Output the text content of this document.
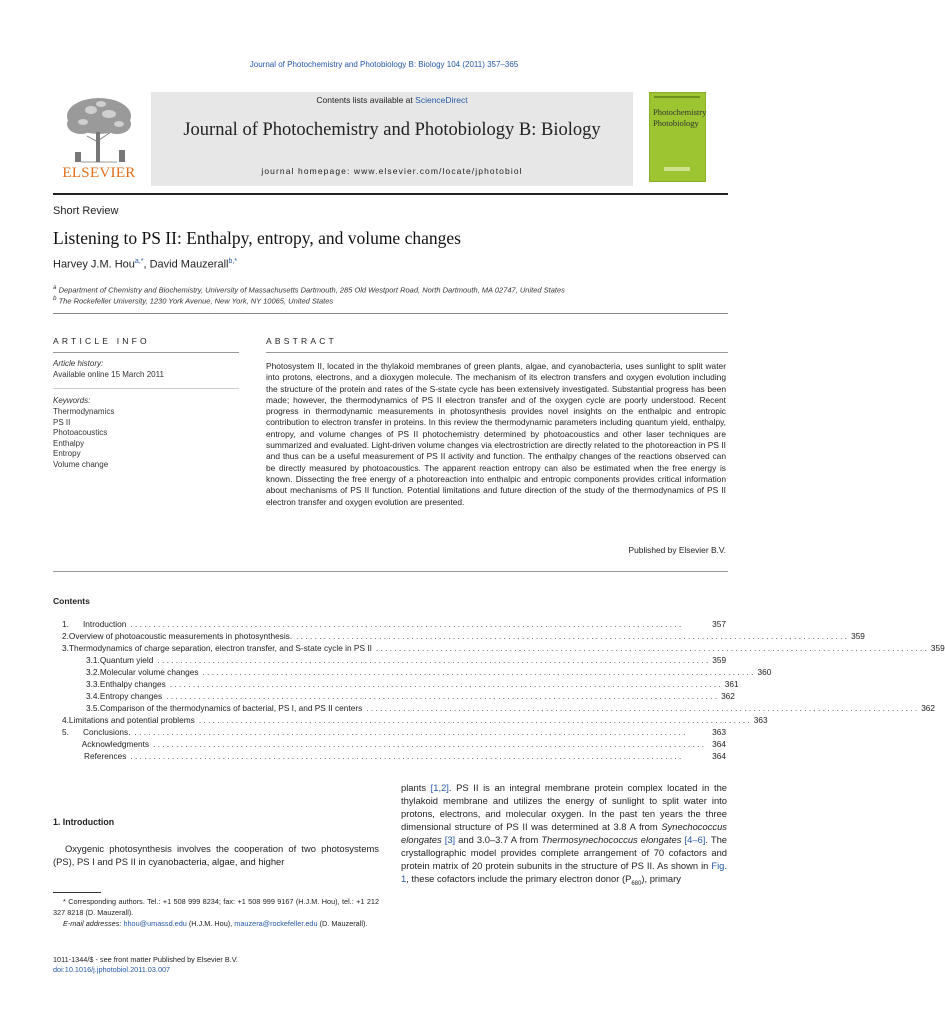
Journal of Photochemistry and Photobiology B: Biology 104 (2011) 357–365
ELSEVIER
Contents lists available at ScienceDirect
Journal of Photochemistry and Photobiology B: Biology
journal homepage: www.elsevier.com/locate/jphotobiol
Photochemistry Photobiology
Short Review
Listening to PS II: Enthalpy, entropy, and volume changes
Harvey J.M. Hou$^{a,*}$, David Mauzerall$^{b,*}$
$^a$ Department of Chemistry and Biochemistry, University of Massachusetts Dartmouth, 285 Old Westport Road, North Dartmouth, MA 02747, United States
$^b$ The Rockefeller University, 1230 York Avenue, New York, NY 10065, United States
ARTICLE INFO	ABSTRACT
Article history:
Available online 15 March 2011
Keywords:
Thermodynamics
PS II
Photoacoustics
Enthalpy
Entropy
Volume change
Photosystem II, located in the thylakoid membranes of green plants, algae, and cyanobacteria, uses sunlight to split water into protons, electrons, and a dioxygen molecule. The mechanism of its electron transfers and oxygen evolution including the structure of the protein and rates of the S-state cycle has been extensively investigated. Substantial progress has been made; however, the thermodynamics of PS II electron transfer and of the oxygen cycle are poorly understood. Recent progress in thermodynamic measurements in photosynthesis provides novel insights on the enthalpic and entropic contribution to electron transfer in proteins. In this review the thermodynamic parameters including quantum yield, enthalpy, entropy, and volume changes of PS II photochemistry determined by photoacoustics and other laser techniques are summarized and evaluated. Light-driven volume changes via electrostriction are directly related to the photoreaction in PS II and thus can be a useful measurement of PS II activity and function. The enthalpy changes of the reactions observed can be directly measured by photoacoustics. The apparent reaction entropy can also be estimated when the free energy is known. Dissecting the free energy of a photoreaction into enthalpic and entropic components provides critical information about mechanisms of PS II function. Potential limitations and future direction of the study of the thermodynamics of PS II electron transfer and oxygen evolution are presented.
Published by Elsevier B.V.
Contents
1.	Introduction . . . . . . . . . . . . . . . . . . . . . . . . . . . . . . . . . . . . . . . . . . . . . . . . . . . . . . . . . . . . . . . . . . . . . . . . . . . . . . . . . . . . . . . . . . . . . . . . . . . . . . . . . . . . . . . . . . . . . . . .	357
2. Overview of photoacoustic measurements in photosynthesis. . . . . . . . . . . . . . . . . . . . . . . . . . . . . . . . . . . . . . . . . . . . . . . . . . . . . . . . . . . . . . . . . . . . . . . . . . . . . . . . . . . . . . . . . . . . . . . . . . . . . . . . . . . . . . . . . . . . . . . . . 359
3. Thermodynamics of charge separation, electron transfer, and S-state cycle in PS II . . . . . . . . . . . . . . . . . . . . . . . . . . . . . . . . . . . . . . . . . . . . . . . . . . . . . . . . . . . . . . . . . . . . . . . . . . . . . . . . . . . . . . . . . . . . . . . . . . . . . . . . . . . . . . . . . . . . . . . . 359
3.1. Quantum yield . . . . . . . . . . . . . . . . . . . . . . . . . . . . . . . . . . . . . . . . . . . . . . . . . . . . . . . . . . . . . . . . . . . . . . . . . . . . . . . . . . . . . . . . . . . . . . . . . . . . . . . . . . . . . . . . . . . . . . . . 359
3.2. Molecular volume changes . . . . . . . . . . . . . . . . . . . . . . . . . . . . . . . . . . . . . . . . . . . . . . . . . . . . . . . . . . . . . . . . . . . . . . . . . . . . . . . . . . . . . . . . . . . . . . . . . . . . . . . . . . . . . . . . . . . . . . . . 360
3.3. Enthalpy changes . . . . . . . . . . . . . . . . . . . . . . . . . . . . . . . . . . . . . . . . . . . . . . . . . . . . . . . . . . . . . . . . . . . . . . . . . . . . . . . . . . . . . . . . . . . . . . . . . . . . . . . . . . . . . . . . . . . . . . . . 361
3.4. Entropy changes . . . . . . . . . . . . . . . . . . . . . . . . . . . . . . . . . . . . . . . . . . . . . . . . . . . . . . . . . . . . . . . . . . . . . . . . . . . . . . . . . . . . . . . . . . . . . . . . . . . . . . . . . . . . . . . . . . . . . . . . 362
3.5. Comparison of the thermodynamics of bacterial, PS I, and PS II centers . . . . . . . . . . . . . . . . . . . . . . . . . . . . . . . . . . . . . . . . . . . . . . . . . . . . . . . . . . . . . . . . . . . . . . . . . . . . . . . . . . . . . . . . . . . . . . . . . . . . . . . . . . . . . . . . . . . . . . . . 362
4. Limitations and potential problems . . . . . . . . . . . . . . . . . . . . . . . . . . . . . . . . . . . . . . . . . . . . . . . . . . . . . . . . . . . . . . . . . . . . . . . . . . . . . . . . . . . . . . . . . . . . . . . . . . . . . . . . . . . . . . . . . . . . . . . . 363
5.	Conclusions. . . . . . . . . . . . . . . . . . . . . . . . . . . . . . . . . . . . . . . . . . . . . . . . . . . . . . . . . . . . . . . . . . . . . . . . . . . . . . . . . . . . . . . . . . . . . . . . . . . . . . . . . . . . . . . . . . . . . . . . .	363
Acknowledgments . . . . . . . . . . . . . . . . . . . . . . . . . . . . . . . . . . . . . . . . . . . . . . . . . . . . . . . . . . . . . . . . . . . . . . . . . . . . . . . . . . . . . . . . . . . . . . . . . . . . . . . . . . . . . . . . . . . . . . . . 364
References . . . . . . . . . . . . . . . . . . . . . . . . . . . . . . . . . . . . . . . . . . . . . . . . . . . . . . . . . . . . . . . . . . . . . . . . . . . . . . . . . . . . . . . . . . . . . . . . . . . . . . . . . . . . . . . . . . . . . . . .	364
1. Introduction
Oxygenic photosynthesis involves the cooperation of two photosystems (PS), PS I and PS II in cyanobacteria, algae, and higher
* Corresponding authors. Tel.: +1 508 999 8234; fax: +1 508 999 9167 (H.J.M. Hou), tel.: +1 212 327 8218 (D. Mauzerall).
E-mail addresses: hhou@umassd.edu (H.J.M. Hou), mauzera@rockefeller.edu (D. Mauzerall).
1011-1344/$ - see front matter Published by Elsevier B.V.
doi:10.1016/j.jphotobiol.2011.03.007
plants [1,2]. PS II is an integral membrane protein complex located in the thylakoid membrane and utilizes the energy of sunlight to split water into protons, electrons, and molecular oxygen. In the past ten years the three dimensional structure of PS II was determined at 3.8 A from Synechococcus elongates [3] and 3.0–3.7 A from Thermosynechococcus elongates [4–6]. The crystallographic model provides complete arrangement of 70 cofactors and protein matrix of 20 protein subunits in the structure of PS II. As shown in Fig. 1, these cofactors include the primary electron donor $(P_{680})$, primary
